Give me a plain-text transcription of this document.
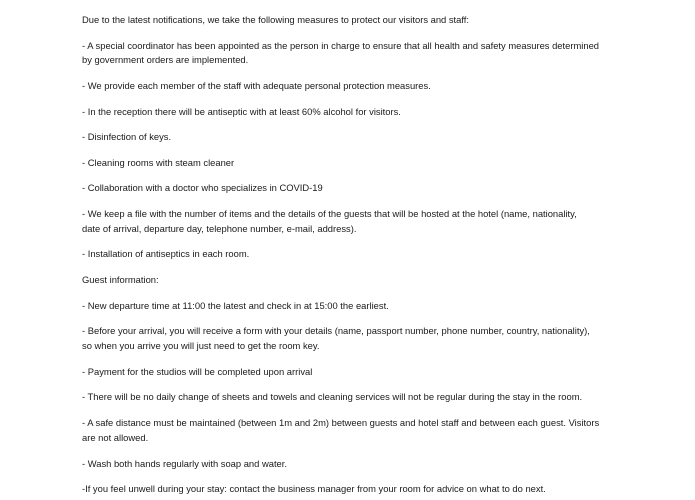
Due to the latest notifications, we take the following measures to protect our visitors and staff:

- A special coordinator has been appointed as the person in charge to ensure that all health and safety measures determined

by government orders are implemented.

- We provide each member of the staff with adequate personal protection measures.

- In the reception there will be antiseptic with at least 60% alcohol for visitors.

- Disinfection of keys.

- Cleaning rooms with steam cleaner

- Collaboration with a doctor who specializes in COVID-19

- We keep a file with the number of items and the details of the guests that will be hosted at the hotel (name, nationality,

date of arrival, departure day, telephone number, e-mail, address).

- Installation of antiseptics in each room.

Guest information:

- New departure time at 11:00 the latest and check in at 15:00 the earliest.

- Before your arrival, you will receive a form with your details (name, passport number, phone number, country, nationality),

so when you arrive you will just need to get the room key.

- Payment for the studios will be completed upon arrival

- There will be no daily change of sheets and towels and cleaning services will not be regular during the stay in the room.

- A safe distance must be maintained (between 1m and 2m) between guests and hotel staff and between each guest. Visitors

are not allowed.

- Wash both hands regularly with soap and water.

-If you feel unwell during your stay: contact the business manager from your room for advice on what to do next.
